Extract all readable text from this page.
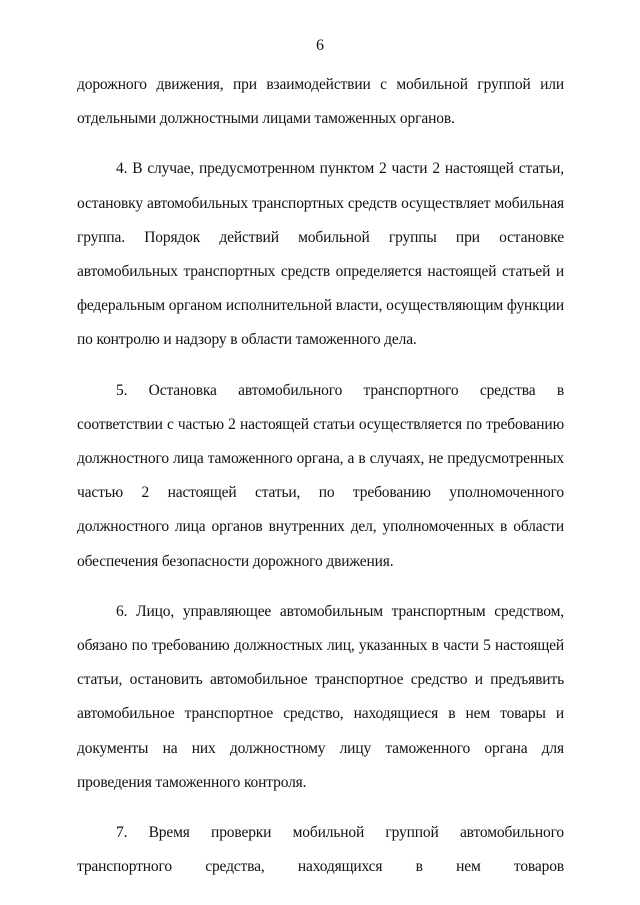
6

дорожного движения, при взаимодействии с мобильной группой или отдельными должностными лицами таможенных органов.

4. В случае, предусмотренном пунктом 2 части 2 настоящей статьи, остановку автомобильных транспортных средств осуществляет мобильная группа. Порядок действий мобильной группы при остановке автомобильных транспортных средств определяется настоящей статьей и федеральным органом исполнительной власти, осуществляющим функции по контролю и надзору в области таможенного дела.

5. Остановка автомобильного транспортного средства в соответствии с частью 2 настоящей статьи осуществляется по требованию должностного лица таможенного органа, а в случаях, не предусмотренных частью 2 настоящей статьи, по требованию уполномоченного должностного лица органов внутренних дел, уполномоченных в области обеспечения безопасности дорожного движения.

6. Лицо, управляющее автомобильным транспортным средством, обязано по требованию должностных лиц, указанных в части 5 настоящей статьи, остановить автомобильное транспортное средство и предъявить автомобильное транспортное средство, находящиеся в нем товары и документы на них должностному лицу таможенного органа для проведения таможенного контроля.

7. Время проверки мобильной группой автомобильного транспортного средства, находящихся в нем товаров
